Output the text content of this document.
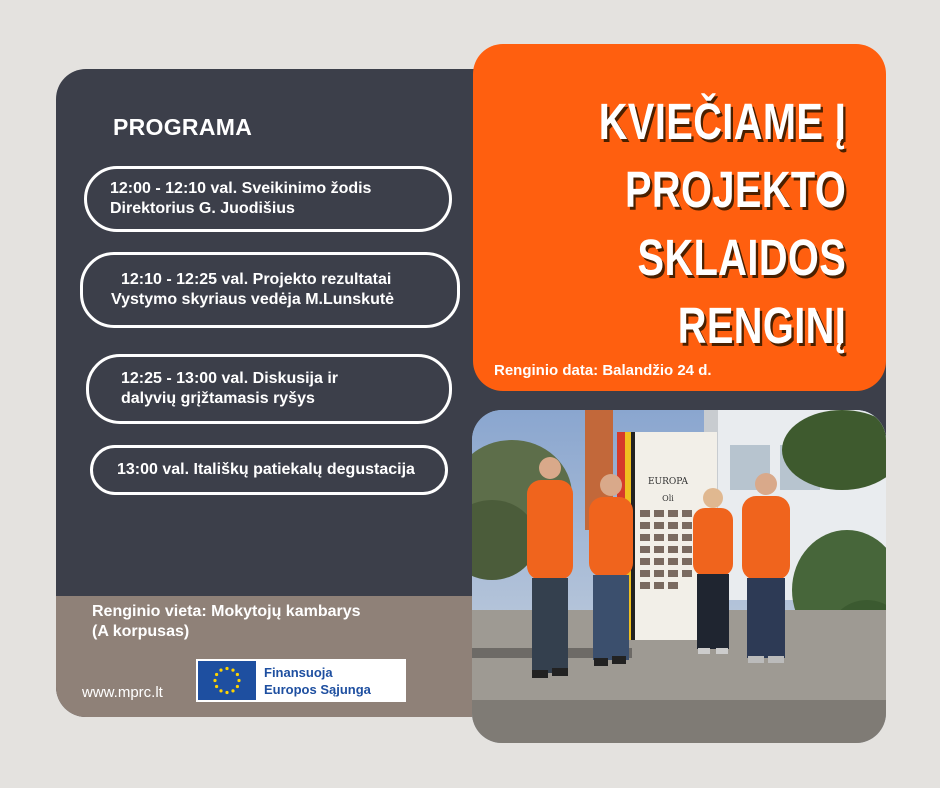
PROGRAMA
12:00 - 12:10 val. Sveikinimo žodis
Direktorius G. Juodišius
12:10 - 12:25 val. Projekto rezultatai
Vystymo skyriaus vedėja M.Lunskutė
12:25 - 13:00 val. Diskusija ir
dalyvių grįžtamasis ryšys
13:00 val. Itališkų patiekalų degustacija
KVIEČIAME Į
PROJEKTO
SKLAIDOS
RENGINĮ
Renginio data: Balandžio 24 d.
EUROPA
Oli
Renginio vieta: Mokytojų kambarys
(A korpusas)
www.mprc.lt
Finansuoja
Europos Sąjunga
